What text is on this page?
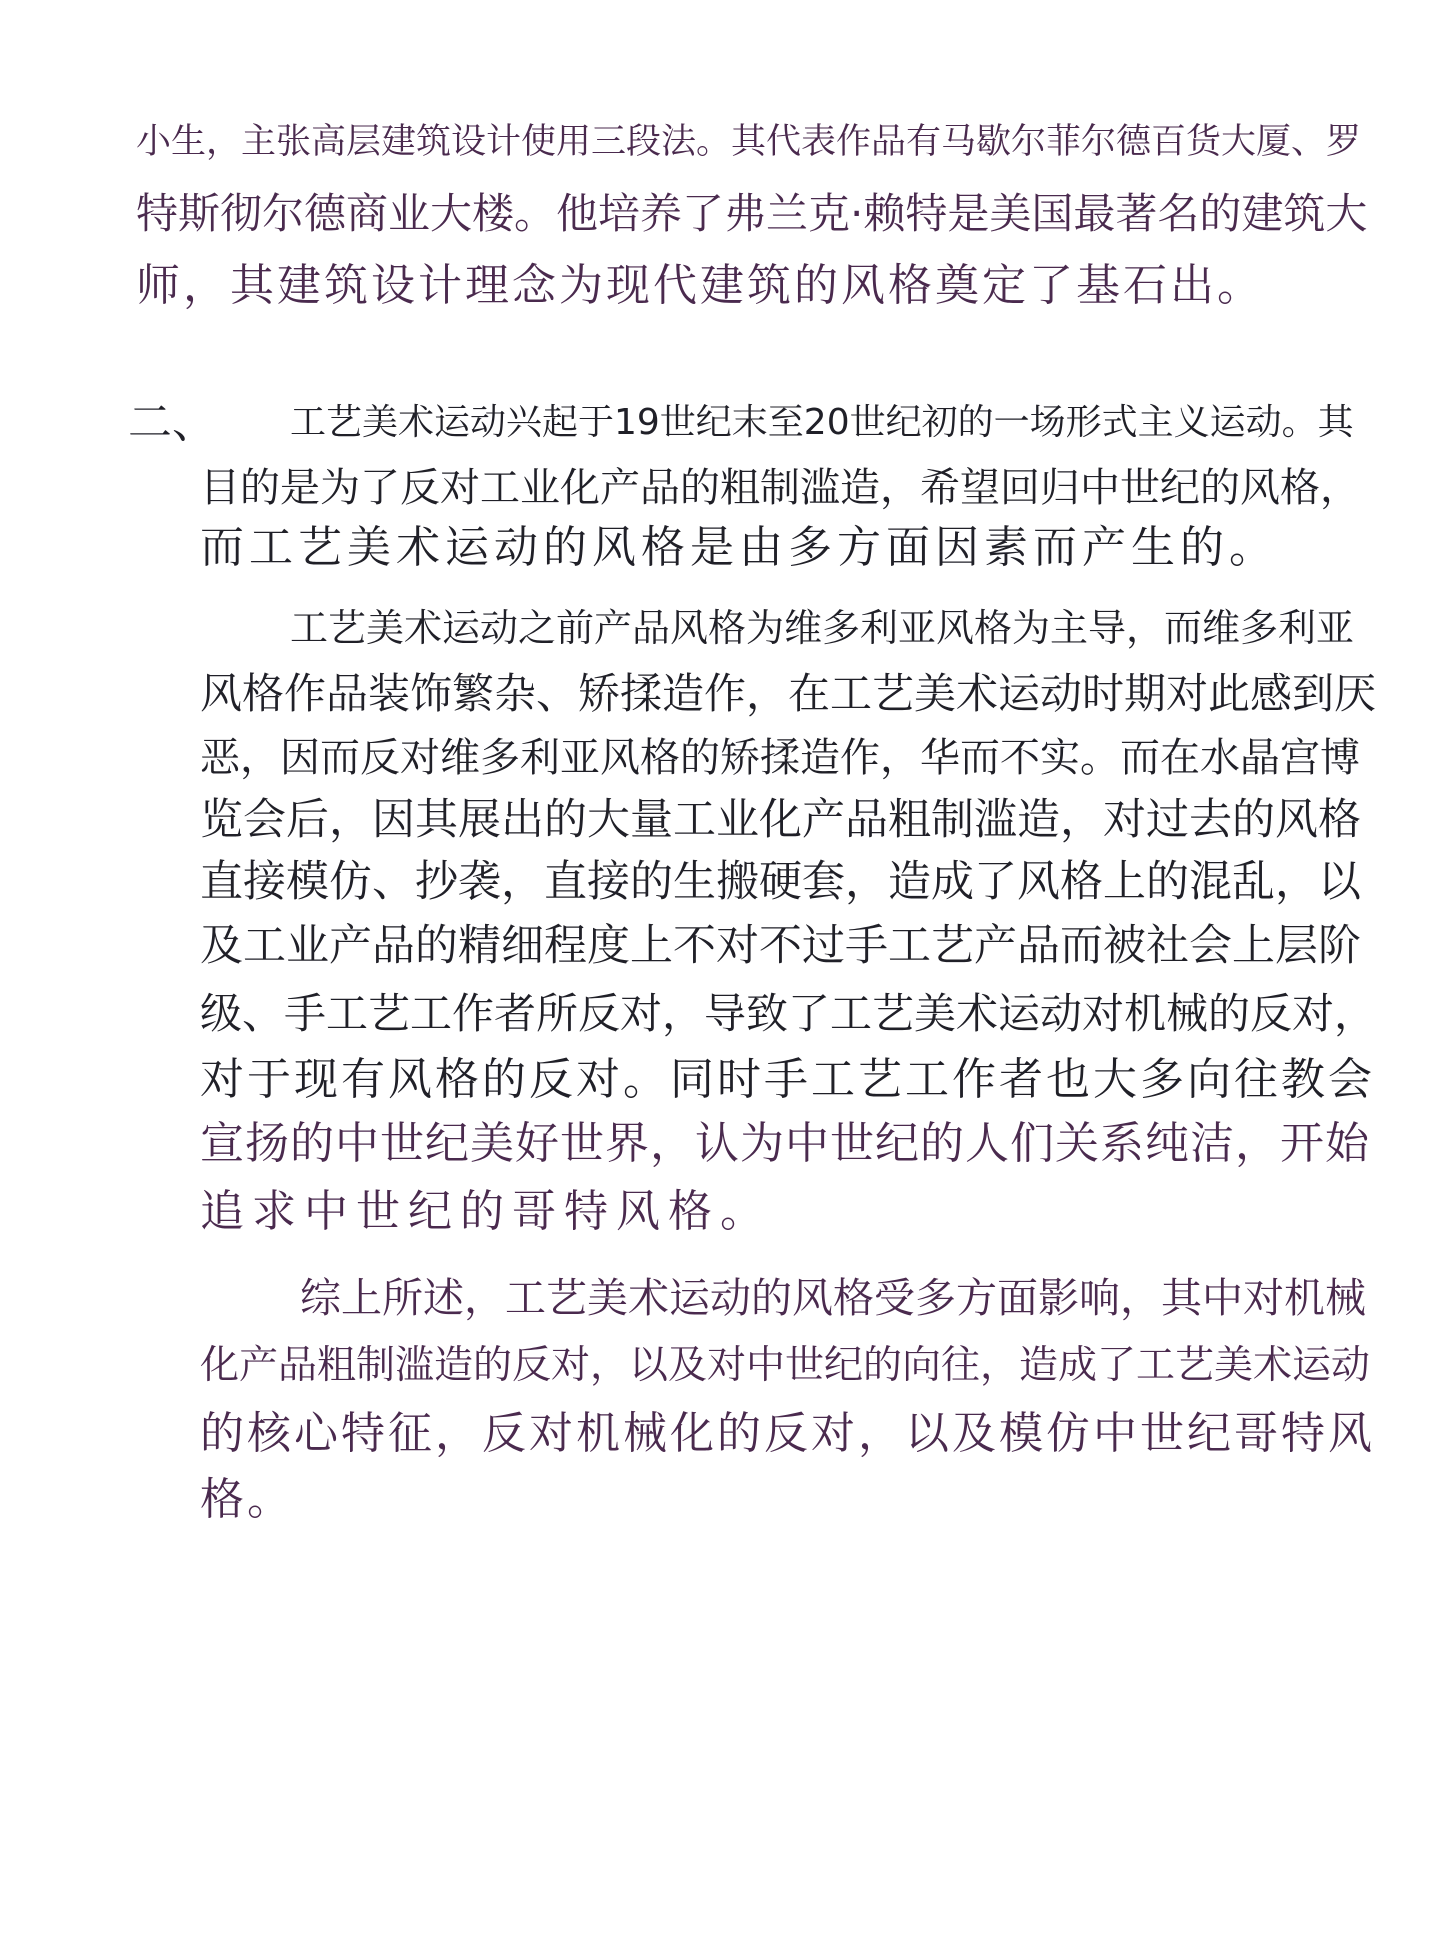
小生，主张高层建筑设计使用三段法。其代表作品有马歇尔菲尔德百货大厦、罗
特斯彻尔德商业大楼。他培养了弗兰克·赖特是美国最著名的建筑大
师，其建筑设计理念为现代建筑的风格奠定了基石出。
二、 工艺美术运动兴起于19世纪末至20世纪初的一场形式主义运动。其
目的是为了反对工业化产品的粗制滥造，希望回归中世纪的风格，
而工艺美术运动的风格是由多方面因素而产生的。
工艺美术运动之前产品风格为维多利亚风格为主导，而维多利亚
风格作品装饰繁杂、矫揉造作，在工艺美术运动时期对此感到厌
恶，因而反对维多利亚风格的矫揉造作，华而不实。而在水晶宫博
览会后，因其展出的大量工业化产品粗制滥造，对过去的风格
直接模仿、抄袭，直接的生搬硬套，造成了风格上的混乱，以
及工业产品的精细程度上不对不过手工艺产品而被社会上层阶
级、手工艺工作者所反对，导致了工艺美术运动对机械的反对，
对于现有风格的反对。同时手工艺工作者也大多向往教会
宣扬的中世纪美好世界，认为中世纪的人们关系纯洁，开始
追求中世纪的哥特风格。
综上所述，工艺美术运动的风格受多方面影响，其中对机械
化产品粗制滥造的反对，以及对中世纪的向往，造成了工艺美术运动
的核心特征，反对机械化的反对，以及模仿中世纪哥特风
格。
